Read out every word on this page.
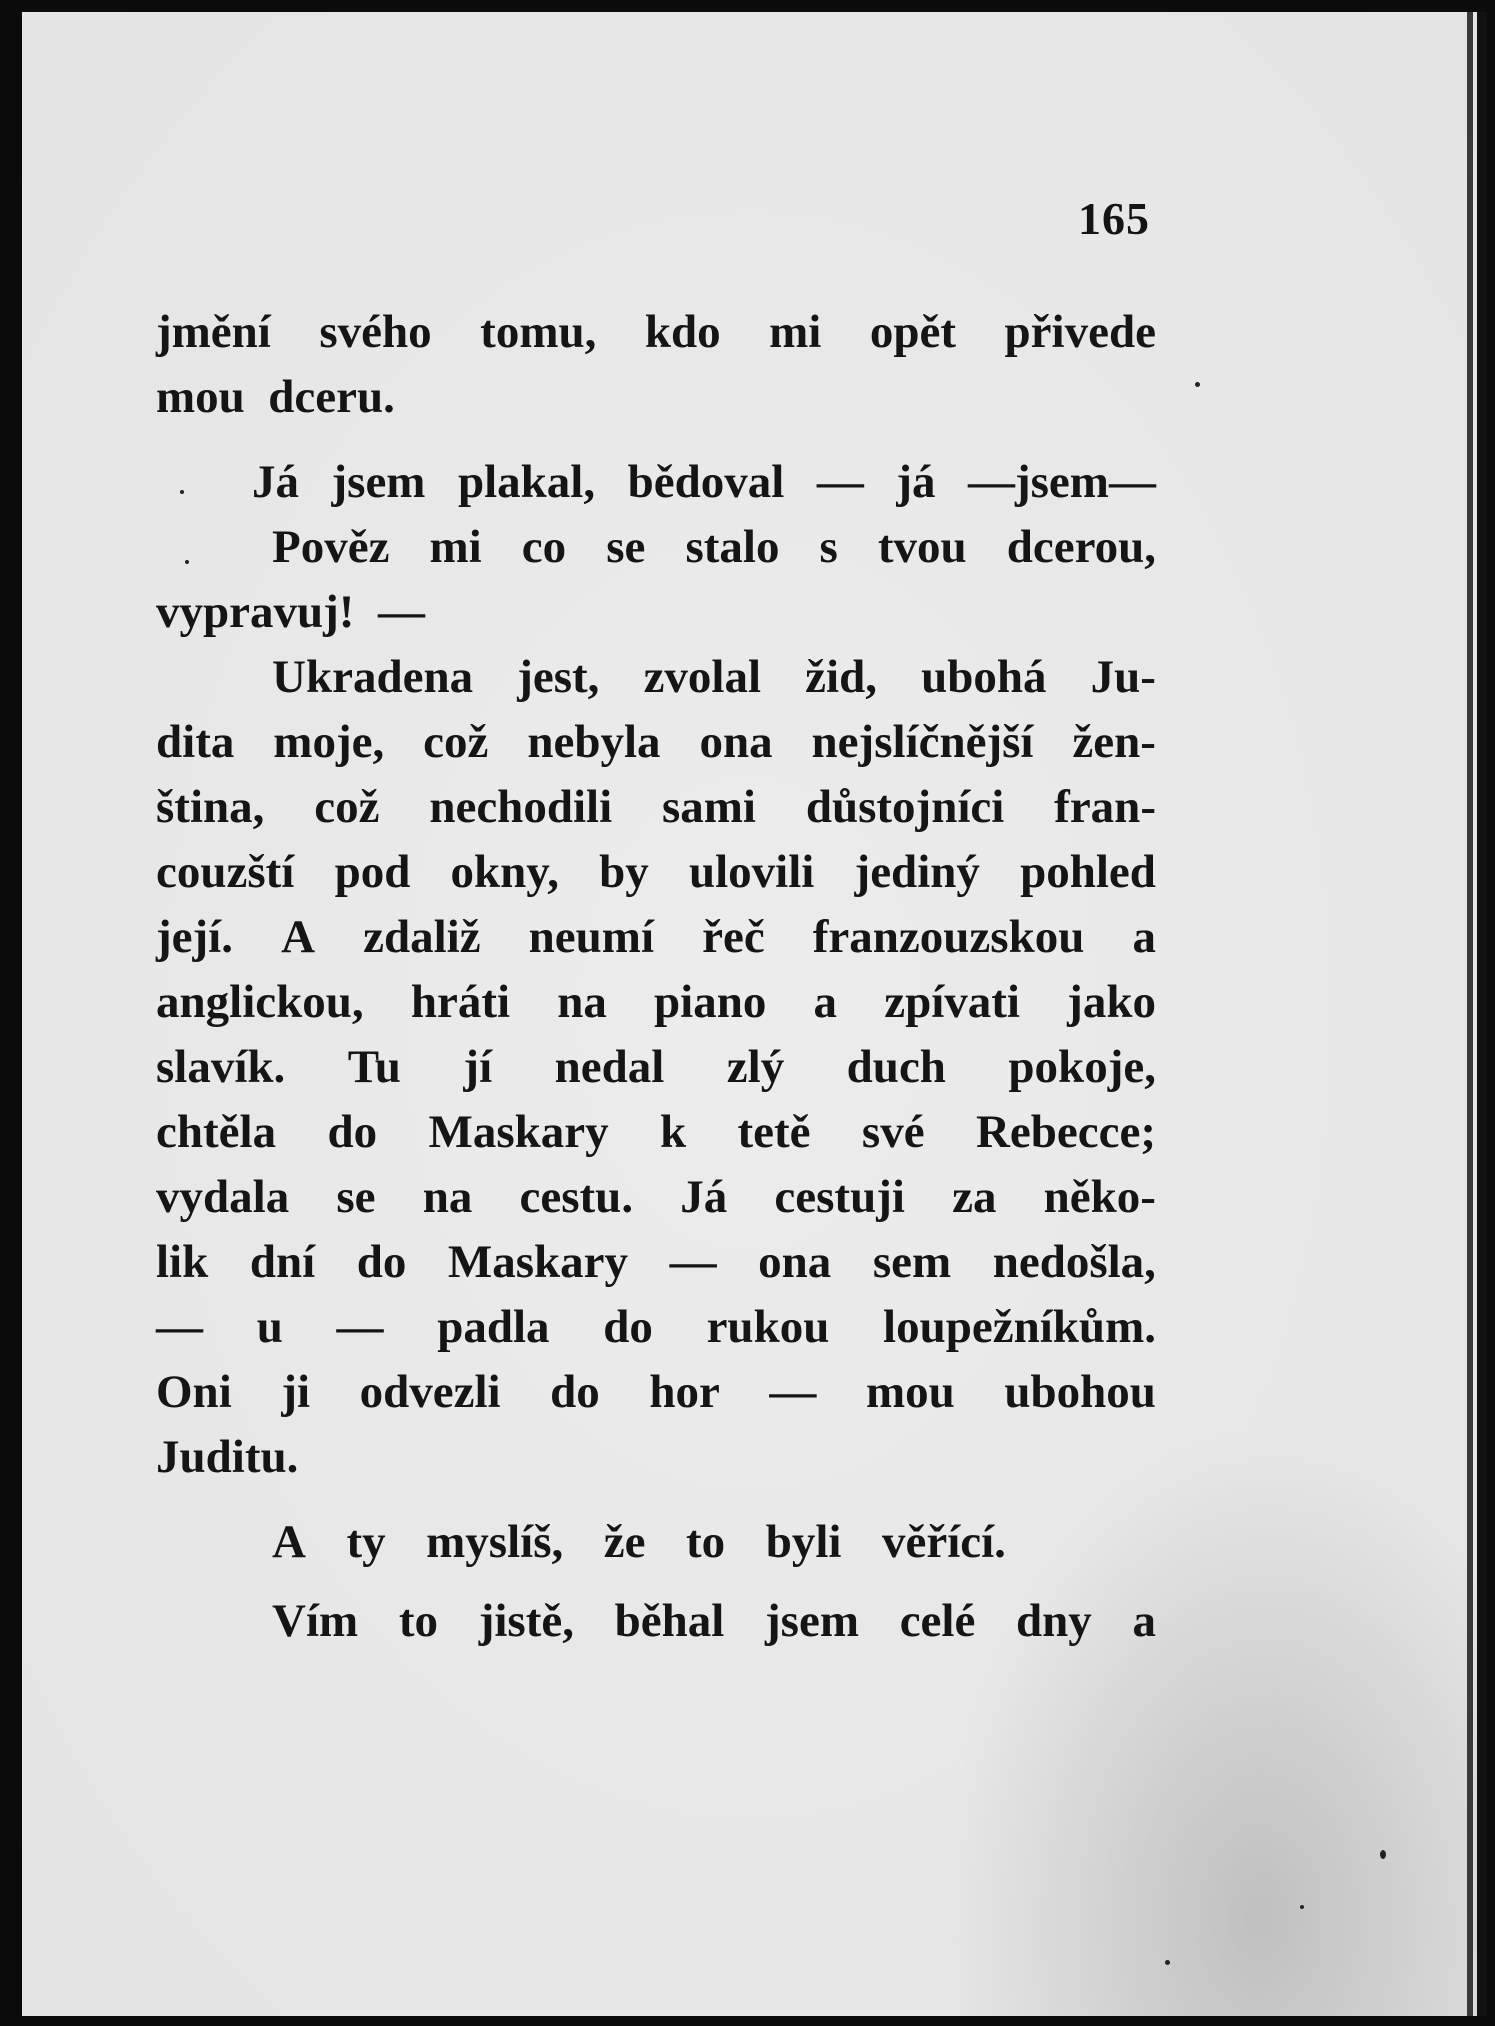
165
jmění svého tomu, kdo mi opět přivede
mou
dceru.
Já jsem plakal, bědoval — já —jsem—
Pověz mi co se stalo s tvou dcerou,
vypravuj!
—
Ukradena jest, zvolal žid, ubohá Ju-
dita moje, což nebyla ona nejslíčnější žen-
ština, což nechodili sami důstojníci fran-
couzští pod okny, by ulovili jediný pohled
její. A zdaliž neumí řeč franzouzskou a
anglickou, hráti na piano a zpívati jako
slavík. Tu jí nedal zlý duch pokoje,
chtěla do Maskary k tetě své Rebecce;
vydala se na cestu. Já cestuji za něko-
lik dní do Maskary — ona sem nedošla,
— u — padla do rukou loupežníkům.
Oni ji odvezli do hor — mou ubohou
Juditu.
A ty myslíš, že to byli věřící.
Vím to jistě, běhal jsem celé dny a
